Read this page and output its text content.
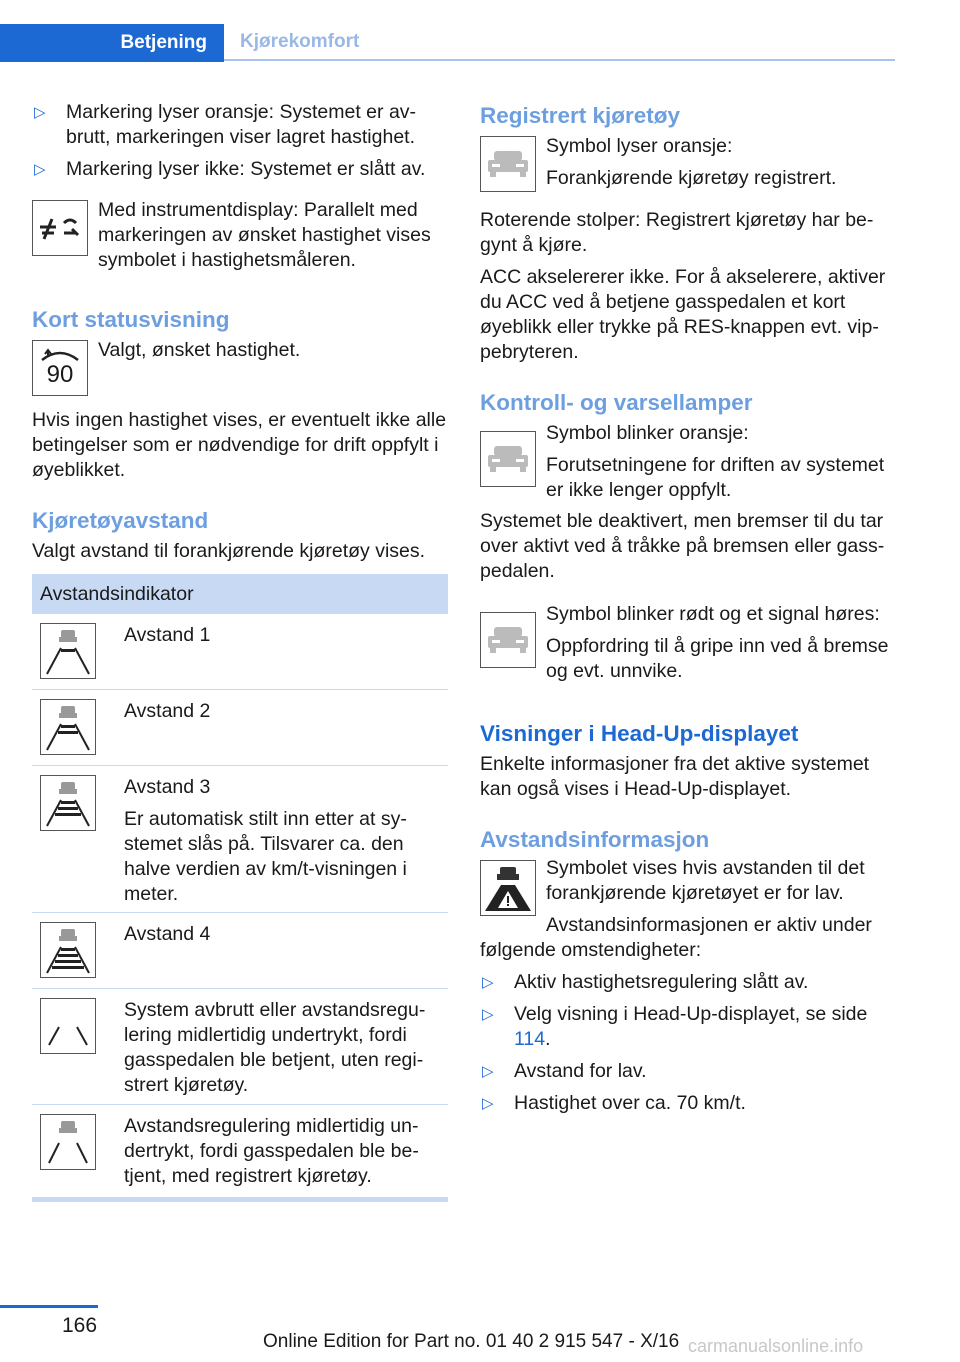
Betjening	Kjørekomfort
▷ Markering lyser oransje: Systemet er avbrutt, markeringen viser lagret hastighet.
▷ Markering lyser ikke: Systemet er slått av.

Med instrumentdisplay: Parallelt med markeringen av ønsket hastighet vises symbolet i hastighetsmåleren.

Kort statusvisning
90

Valgt, ønsket hastighet.

Hvis ingen hastighet vises, er eventuelt ikke alle betingelser som er nødvendige for drift oppfylt i øyeblikket.

Kjøretøyavstand

Valgt avstand til forankjørende kjøretøy vises.

Avstandsindikator

Avstand 1

Avstand 2

Avstand 3

Er automatisk stilt inn etter at systemet slås på. Tilsvarer ca. den halve verdien av km/t-visningen i meter.

Avstand 4

System avbrutt eller avstandsregulering midlertidig undertrykt, fordi gasspedalen ble betjent, uten registrert kjøretøy.

Avstandsregulering midlertidig undertrykt, fordi gasspedalen ble betjent, med registrert kjøretøy.

Registrert kjøretøy

Symbol lyser oransje:

Forankjørende kjøretøy registrert.

Roterende stolper: Registrert kjøretøy har begynt å kjøre.

ACC akselererer ikke. For å akselerere, aktiver du ACC ved å betjene gasspedalen et kort øyeblikk eller trykke på RES-knappen evt. vippebryteren.

Kontroll- og varsellamper

Symbol blinker oransje:

Forutsetningene for driften av systemet er ikke lenger oppfylt.

Systemet ble deaktivert, men bremser til du tar over aktivt ved å tråkke på bremsen eller gasspedalen.

Symbol blinker rødt og et signal høres:

Oppfordring til å gripe inn ved å bremse og evt. unnvike.

Visninger i Head-Up-displayet

Enkelte informasjoner fra det aktive systemet kan også vises i Head-Up-displayet.

Avstandsinformasjon

Symbolet vises hvis avstanden til det forankjørende kjøretøyet er for lav.

Avstandsinformasjonen er aktiv under

følgende omstendigheter:

▷ Aktiv hastighetsregulering slått av.
▷ Velg visning i Head-Up-displayet, se side 114.
▷ Avstand for lav.
▷ Hastighet over ca. 70 km/t.
166
Online Edition for Part no. 01 40 2 915 547 - X/16 carmanualsonline.info
